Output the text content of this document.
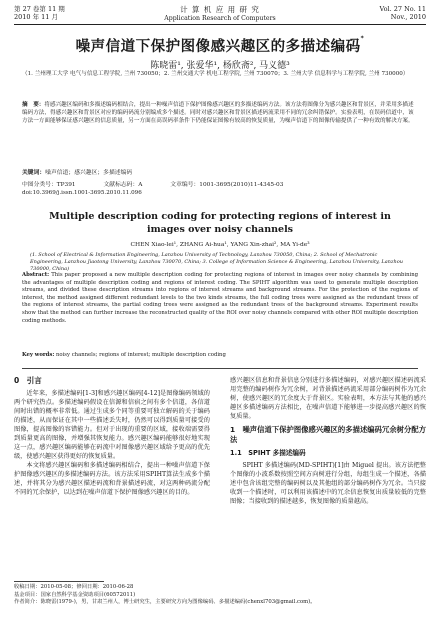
第 27 卷第 11 期
2010 年 11 月
计 算 机 应 用 研 究
Application Research of Computers
Vol. 27 No. 11
Nov., 2010
噪声信道下保护图像感兴趣区的多描述编码*
陈晓雷¹, 张爱华¹, 杨欣斋², 马义德³
（1. 兰州理工大学 电气与信息工程学院, 兰州 730050；2. 兰州交通大学 机电工程学院, 兰州 730070；3. 兰州大学 信息科学与工程学院, 兰州 730000）
摘　要：将感兴趣区编码和多描述编码相结合，提出一种噪声信道下保护图像感兴趣区的多描述编码方法。该方法将图像分为感兴趣区和背景区，并采用多描述编码方法，得感兴趣区和背景区对应的编码码流分别编成多个描述。同时对感兴趣区和背景区描述码流采用不同的冗余纠错保护。实验表明，在误码信道中，该方法一方面能够保证感兴趣区的信息质量，另一方面在高误码率条件下仍能保证图像有较高的恢复质量，为噪声信道下的图像传输提供了一种有效的解决方案。
关键词：噪声信道；感兴趣区；多描述编码
中图分类号：TP391	文献标志码：A	文章编号：1001-3695(2010)11-4345-03
doi:10.3969/j.issn.1001-3695.2010.11.096
Multiple description coding for protecting regions of interest in images over noisy channels
CHEN Xiao-lei¹, ZHANG Ai-hua¹, YANG Xin-zhai², MA Yi-de³
(1. School of Electrical & Information Engineering, Lanzhou University of Technology, Lanzhou 730050, China; 2. School of Mechatronic Engineering, Lanzhou Jiaotong University, Lanzhou 730070, China; 3. College of Information Science & Engineering, Lanzhou University, Lanzhou 730000, China)
Abstract: This paper proposed a new multiple description coding for protecting regions of interest in images over noisy channels by combining the advantages of multiple description coding and regions of interest coding. The SPIHT algorithm was used to generate multiple description streams, and divided these description streams into regions of interest streams and background streams. For the protection of the regions of interest, the method assigned different redundant levels to the two kinds streams, the full coding trees were assigned as the redundant trees of the regions of interest streams, the partial coding trees were assigned as the redundant trees of the background streams. Experiment results show that the method can further increase the reconstructed quality of the ROI over noisy channels compared with other ROI multiple description coding methods.
Key words: noisy channels; regions of interest; multiple description coding
0　引言

近年来，多描述编码[1-3]和感兴趣区编码[4-12]是图像编码领域的两个研究热点。多描述编码假设在信源和信宿之间有多个信道，各信道间时出错的概率非常低。通过生成多个同等重要可独立解码的关于编码的描述，从而保证在其中一些描述丢失时，仍然可以得到质量可接受的图像，提高图像的容错能力。但对于出现的重要的区域，接收端需要得到质量更高的图像，并增强其恢复能力。感兴趣区编码能够很好地实现这一点，感兴趣区编码能够在码流中对图像感兴趣区域给予更高的优先级，使感兴趣区获得更好的恢复质量。

本文将感兴趣区编码和多描述编码相结合，提出一种噪声信道下保护图像感兴趣区的多描述编码方法。该方法采用SPIHT算法生成多个描述，并将其分为感兴趣区描述码流和背景描述码流，对这两种码流分配不同的冗余保护，以达到在噪声信道下保护图像感兴趣区的目的。

感兴趣区信息和背景信息分别进行多描述编码，对感兴趣区描述码流采用完整的编码树作为冗余树，对背景描述码流采用部分编码树作为冗余树，使感兴趣区的冗余度大于背景区。实验表明，本方法与其他的感兴趣区多描述编码方法相比，在噪声信道下能够进一步提高感兴趣区的恢复质量。

1　噪声信道下保护图像感兴趣区的多描述编码冗余树分配方法
1.1　SPIHT 多描述编码

SPIHT 多描述编码(MD-SPIHT)[1]由 Miguel 提出。该方法把整个图像的小波系数按照空间方向树进行分组，每组生成一个描述，各描述中包含该组完整的编码树以及其他组的部分编码树作为冗余。当只接收到一个描述时，可以利用该描述中的冗余信息恢复出质量较低的完整图像；当接收到的描述越多，恢复图像的质量越高。

收稿日期：2010-05-08；修回日期：2010-06-28
基金项目：国家自然科学基金资助项目(60572011)
作者简介：陈晓雷(1979-)，男，甘肃兰州人，博士研究生，主要研究方向为图像编码、多描述编码(chenxl703@gmail.com)。
